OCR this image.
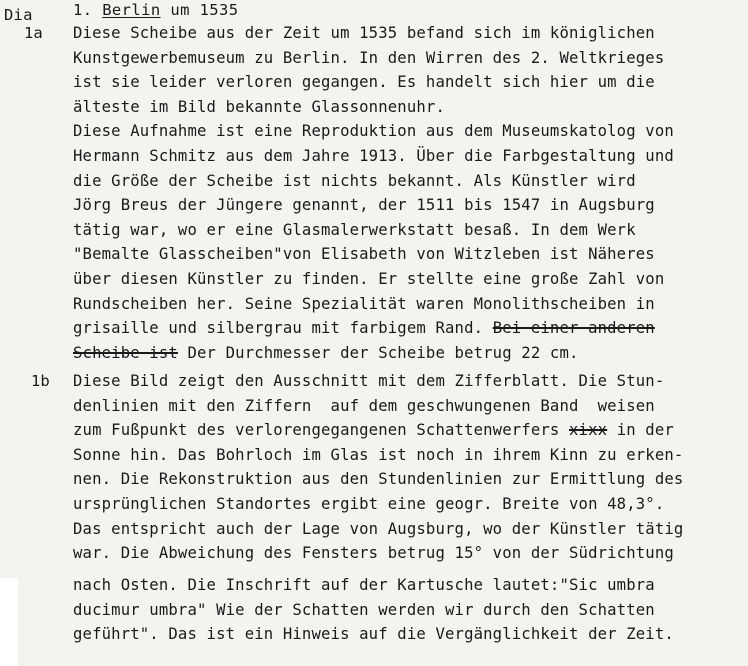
Dia	1. Berlin um 1535
1a Diese Scheibe aus der Zeit um 1535 befand sich im königlichen
Kunstgewerbemuseum zu Berlin. In den Wirren des 2. Weltkrieges
ist sie leider verloren gegangen. Es handelt sich hier um die
älteste im Bild bekannte Glassonnenuhr.
Diese Aufnahme ist eine Reproduktion aus dem Museumskatolog von
Hermann Schmitz aus dem Jahre 1913. Über die Farbgestaltung und
die Größe der Scheibe ist nichts bekannt. Als Künstler wird
Jörg Breus der Jüngere genannt, der 1511 bis 1547 in Augsburg
tätig war, wo er eine Glasmalerwerkstatt besaß. In dem Werk
"Bemalte Glasscheiben"von Elisabeth von Witzleben ist Näheres
über diesen Künstler zu finden. Er stellte eine große Zahl von
Rundscheiben her. Seine Spezialität waren Monolithscheiben in
grisaille und silbergrau mit farbigem Rand. Bei einer anderen
Scheibe ist Der Durchmesser der Scheibe betrug 22 cm.
1b Diese Bild zeigt den Ausschnitt mit dem Zifferblatt. Die Stun-
denlinien mit den Ziffern  auf dem geschwungenen Band  weisen
zum Fußpunkt des verlorengegangenen Schattenwerfers xixx in der
Sonne hin. Das Bohrloch im Glas ist noch in ihrem Kinn zu erken-
nen. Die Rekonstruktion aus den Stundenlinien zur Ermittlung des
ursprünglichen Standortes ergibt eine geogr. Breite von 48,3°.
Das entspricht auch der Lage von Augsburg, wo der Künstler tätig
war. Die Abweichung des Fensters betrug 15° von der Südrichtung
nach Osten. Die Inschrift auf der Kartusche lautet:"Sic umbra
ducimur umbra" Wie der Schatten werden wir durch den Schatten
geführt". Das ist ein Hinweis auf die Vergänglichkeit der Zeit.
